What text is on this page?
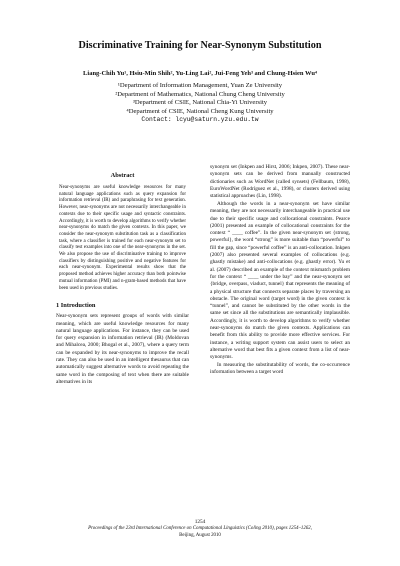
Discriminative Training for Near-Synonym Substitution
Liang-Chih Yu¹, Hsiu-Min Shih², Yu-Ling Lai², Jui-Feng Yeh³ and Chung-Hsien Wu⁴
¹Department of Information Management, Yuan Ze University
²Department of Mathematics, National Chung Cheng University
³Department of CSIE, National Chia-Yi University
⁴Department of CSIE, National Cheng Kung University
Contact: lcyu@saturn.yzu.edu.tw
Abstract

Near-synonyms are useful knowledge resources for many natural language applications such as query expansion for information retrieval (IR) and paraphrasing for text generation. However, near-synonyms are not necessarily interchangeable in contexts due to their specific usage and syntactic constraints. Accordingly, it is worth to develop algorithms to verify whether near-synonyms do match the given contexts. In this paper, we consider the near-synonym substitution task as a classification task, where a classifier is trained for each near-synonym set to classify test examples into one of the near-synonyms in the set. We also propose the use of discriminative training to improve classifiers by distinguishing positive and negative features for each near-synonym. Experimental results show that the proposed method achieves higher accuracy than both pointwise mutual information (PMI) and n-gram-based methods that have been used in previous studies.

1 Introduction

Near-synonym sets represent groups of words with similar meaning, which are useful knowledge resources for many natural language applications. For instance, they can be used for query expansion in information retrieval (IR) (Moldovan and Mihalcea, 2000; Bhogal et al., 2007), where a query term can be expanded by its near-synonyms to improve the recall rate. They can also be used in an intelligent thesaurus that can automatically suggest alternative words to avoid repeating the same word in the composing of text when there are suitable alternatives in its

synonym set (Inkpen and Hirst, 2006; Inkpen, 2007). These near-synonym sets can be derived from manually constructed dictionaries such as WordNet (called synsets) (Fellbaum, 1998), EuroWordNet (Rodríguez et al., 1998), or clusters derived using statistical approaches (Lin, 1998).

Although the words in a near-synonym set have similar meaning, they are not necessarily interchangeable in practical use due to their specific usage and collocational constraints. Pearce (2001) presented an example of collocational constraints for the context “ ____ coffee”. In the given near-synonym set {strong, powerful}, the word “strong” is more suitable than “powerful” to fill the gap, since “powerful coffee” is an anti-collocation. Inkpen (2007) also presented several examples of collocations (e.g. ghastly mistake) and anti-collocations (e.g. ghastly error). Yu et al. (2007) described an example of the context mismatch problem for the context “ ____ under the bay” and the near-synonym set {bridge, overpass, viaduct, tunnel} that represents the meaning of a physical structure that connects separate places by traversing an obstacle. The original word (target word) in the given context is “tunnel”, and cannot be substituted by the other words in the same set since all the substitutions are semantically implausible. Accordingly, it is worth to develop algorithms to verify whether near-synonyms do match the given contexts. Applications can benefit from this ability to provide more effective services. For instance, a writing support system can assist users to select an alternative word that best fits a given context from a list of near-synonyms.

In measuring the substitutability of words, the co-occurrence information between a target word

1254
Proceedings of the 23rd International Conference on Computational Linguistics (Coling 2010), pages 1254–1262,
Beijing, August 2010
